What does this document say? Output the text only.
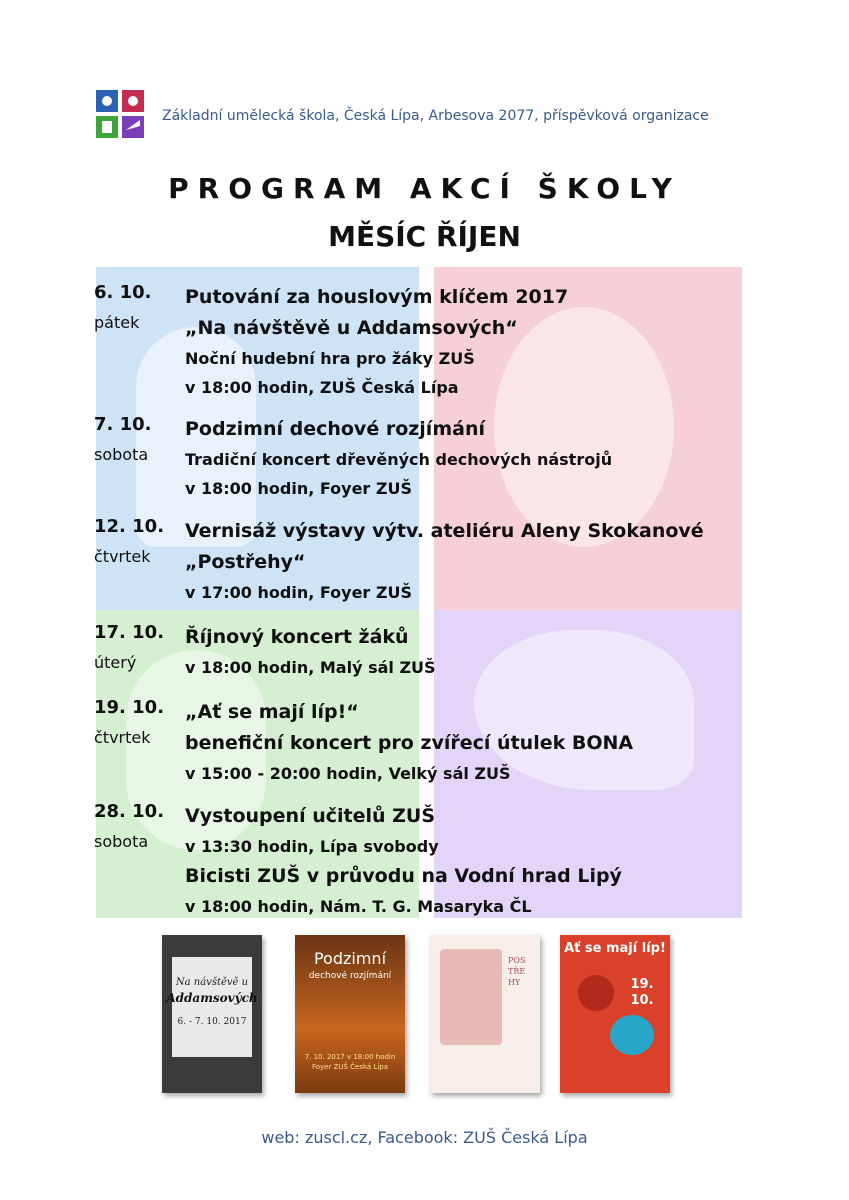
Základní umělecká škola, Česká Lípa, Arbesova 2077, příspěvková organizace
PROGRAM AKCÍ ŠKOLY
MĚSÍC ŘÍJEN
6. 10.
pátek
Putování za houslovým klíčem 2017
„Na návštěvě u Addamsových“
Noční hudební hra pro žáky ZUŠ
v 18:00 hodin, ZUŠ Česká Lípa
7. 10.
sobota
Podzimní dechové rozjímání
Tradiční koncert dřevěných dechových nástrojů
v 18:00 hodin, Foyer ZUŠ
12. 10.
čtvrtek
Vernisáž výstavy výtv. ateliéru Aleny Skokanové
„Postřehy“
v 17:00 hodin, Foyer ZUŠ
17. 10.
úterý
Říjnový koncert žáků
v 18:00 hodin, Malý sál ZUŠ
19. 10.
čtvrtek
„Ať se mají líp!“
benefiční koncert pro zvířecí útulek BONA
v 15:00 - 20:00 hodin, Velký sál ZUŠ
28. 10.
sobota
Vystoupení učitelů ZUŠ
v 13:30 hodin, Lípa svobody
Bicisti ZUŠ v průvodu na Vodní hrad Lipý
v 18:00 hodin, Nám. T. G. Masaryka ČL
Na návštěvě u
Addamsových
6. - 7. 10. 2017
Podzimní
dechové rozjímání
7. 10. 2017 v 18:00 hodin
Foyer ZUŠ Česká Lípa
POSTŘEHY
Ať se mají líp!
19.
10.
web: zuscl.cz, Facebook: ZUŠ Česká Lípa
